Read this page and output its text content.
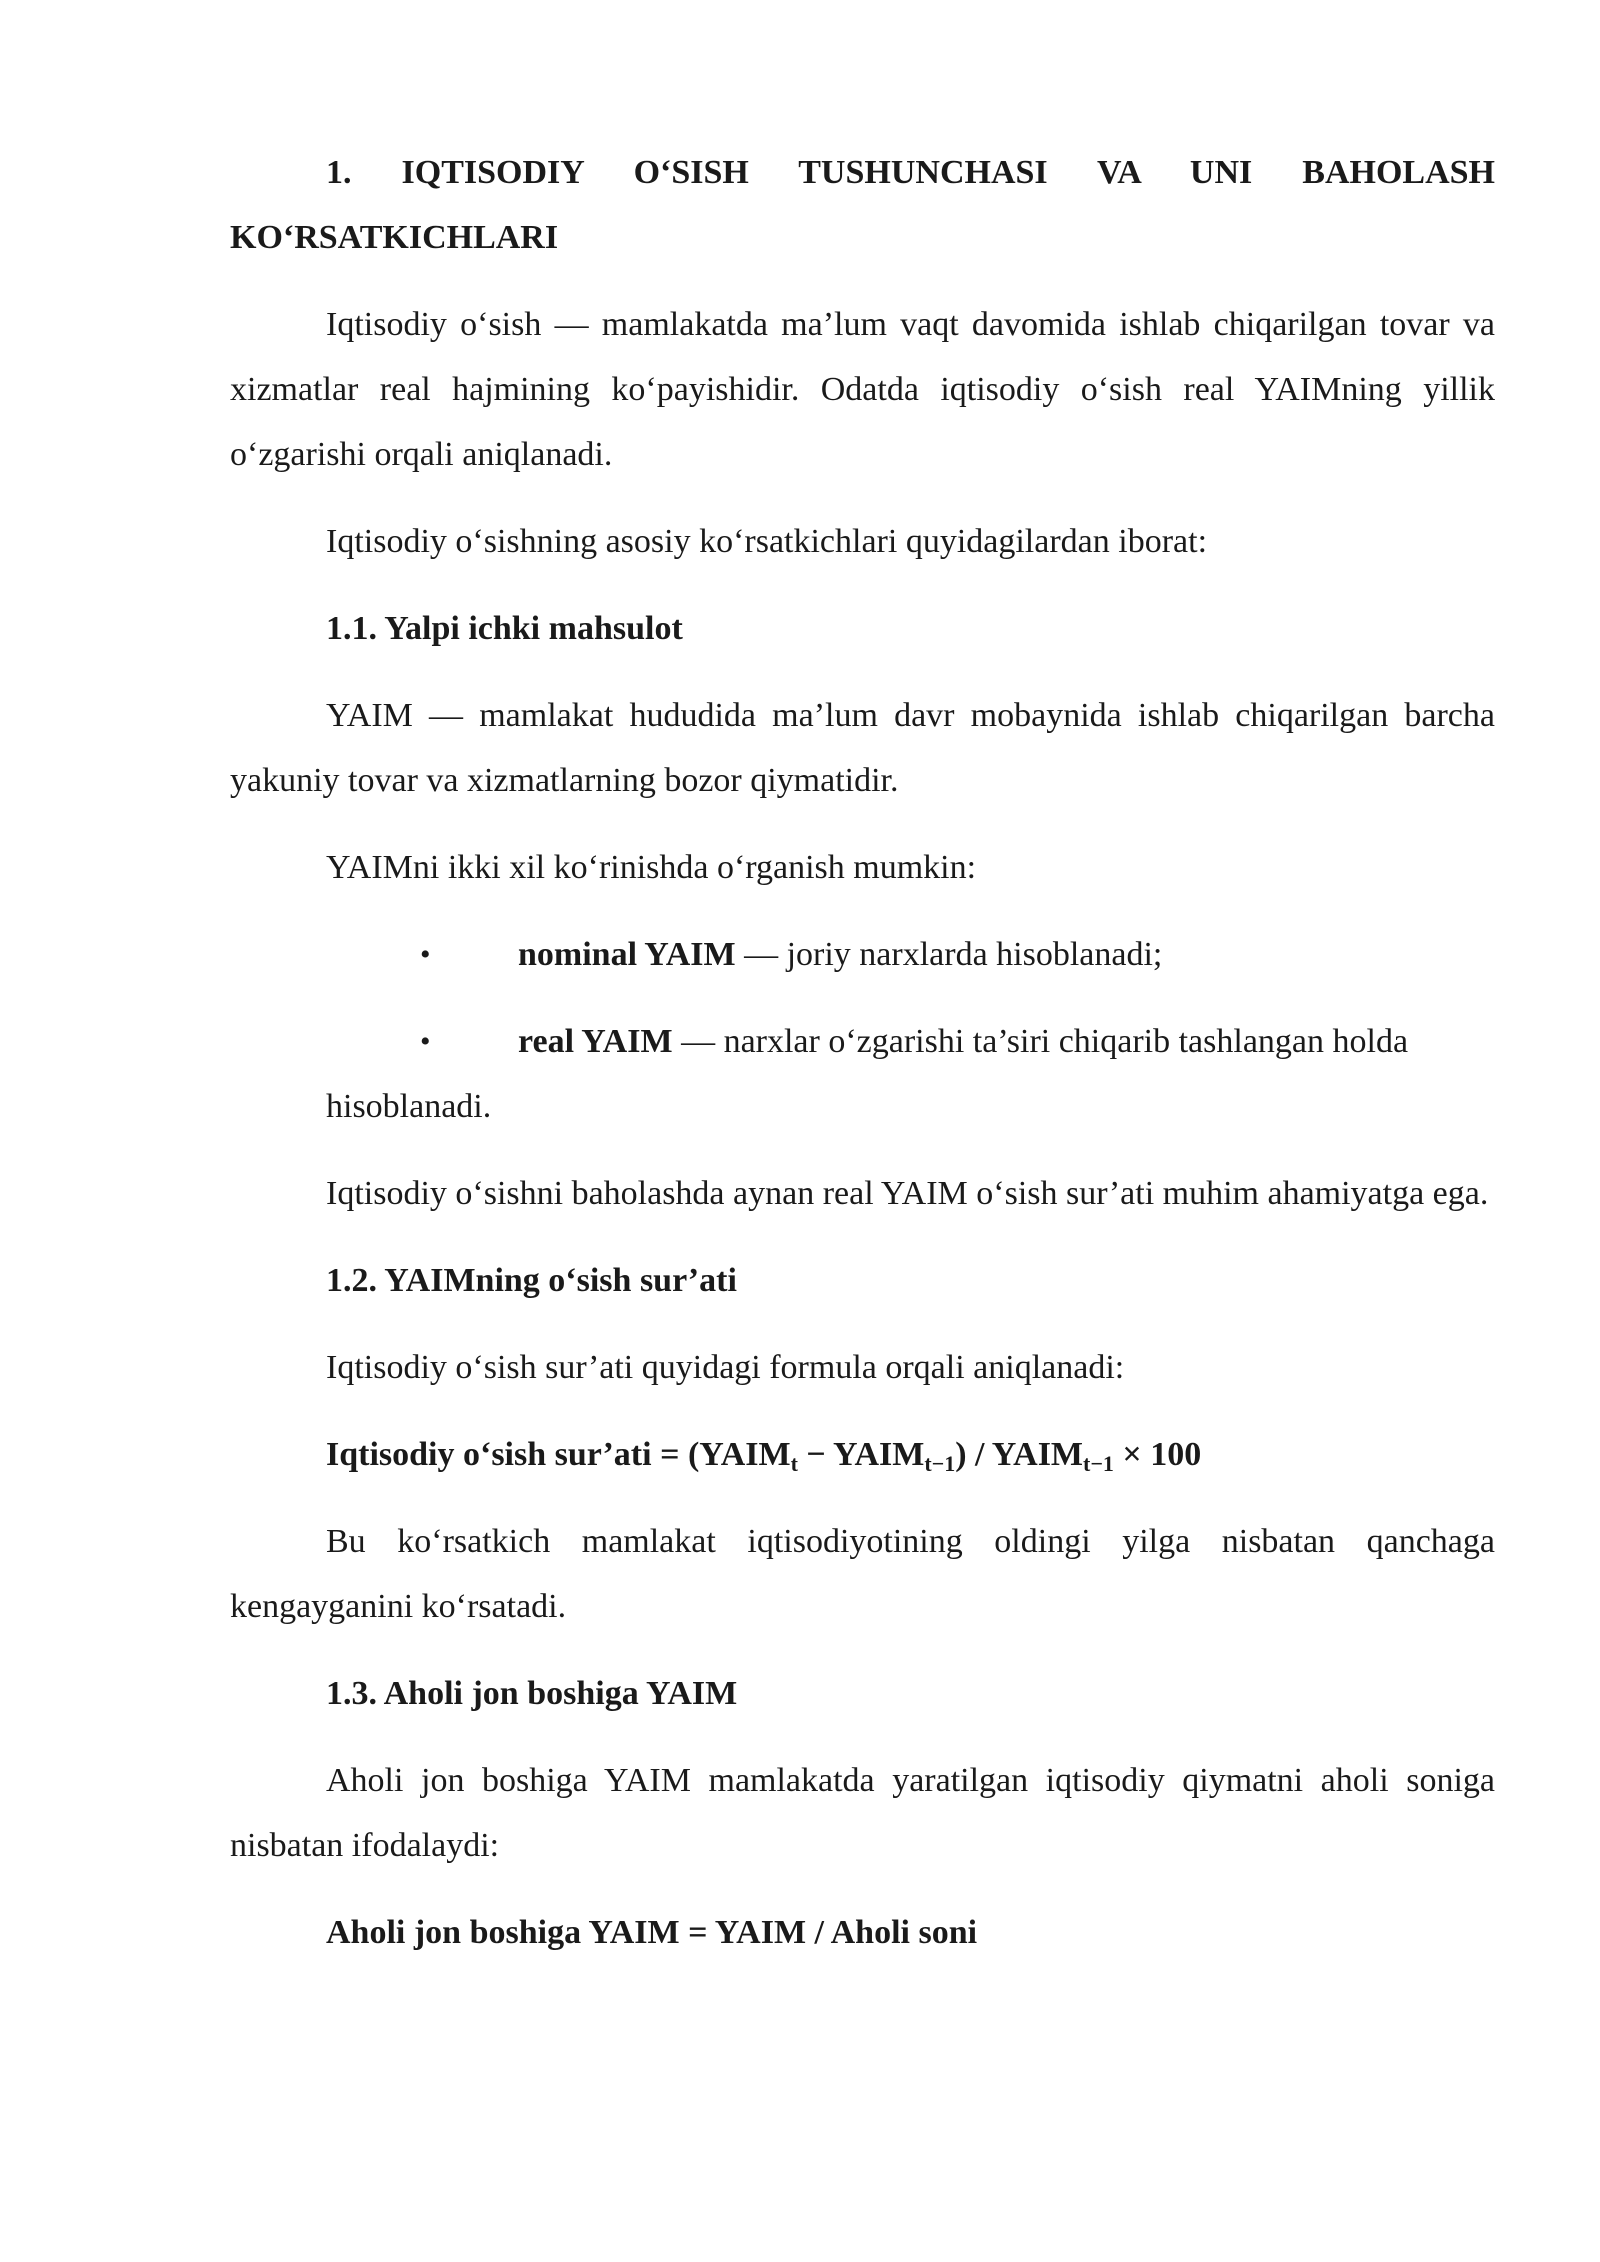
1. IQTISODIY O‘SISH TUSHUNCHASI VA UNI BAHOLASH KO‘RSATKICHLARI

Iqtisodiy o‘sish — mamlakatda ma’lum vaqt davomida ishlab chiqarilgan tovar va xizmatlar real hajmining ko‘payishidir. Odatda iqtisodiy o‘sish real YAIMning yillik o‘zgarishi orqali aniqlanadi.

Iqtisodiy o‘sishning asosiy ko‘rsatkichlari quyidagilardan iborat:

1.1. Yalpi ichki mahsulot

YAIM — mamlakat hududida ma’lum davr mobaynida ishlab chiqarilgan barcha yakuniy tovar va xizmatlarning bozor qiymatidir.

YAIMni ikki xil ko‘rinishda o‘rganish mumkin:

•	nominal YAIM — joriy narxlarda hisoblanadi;
•	real YAIM — narxlar o‘zgarishi ta’siri chiqarib tashlangan holda
hisoblanadi.

Iqtisodiy o‘sishni baholashda aynan real YAIM o‘sish sur’ati muhim ahamiyatga ega.

1.2. YAIMning o‘sish sur’ati

Iqtisodiy o‘sish sur’ati quyidagi formula orqali aniqlanadi:

Iqtisodiy o‘sish sur’ati = ($YAIM_t$ − $YAIM_{t-1}$) / $YAIM_{t-1} \times 100$

Bu ko‘rsatkich mamlakat iqtisodiyotining oldingi yilga nisbatan qanchaga kengayganini ko‘rsatadi.

1.3. Aholi jon boshiga YAIM

Aholi jon boshiga YAIM mamlakatda yaratilgan iqtisodiy qiymatni aholi soniga nisbatan ifodalaydi:

Aholi jon boshiga YAIM = YAIM / Aholi soni
